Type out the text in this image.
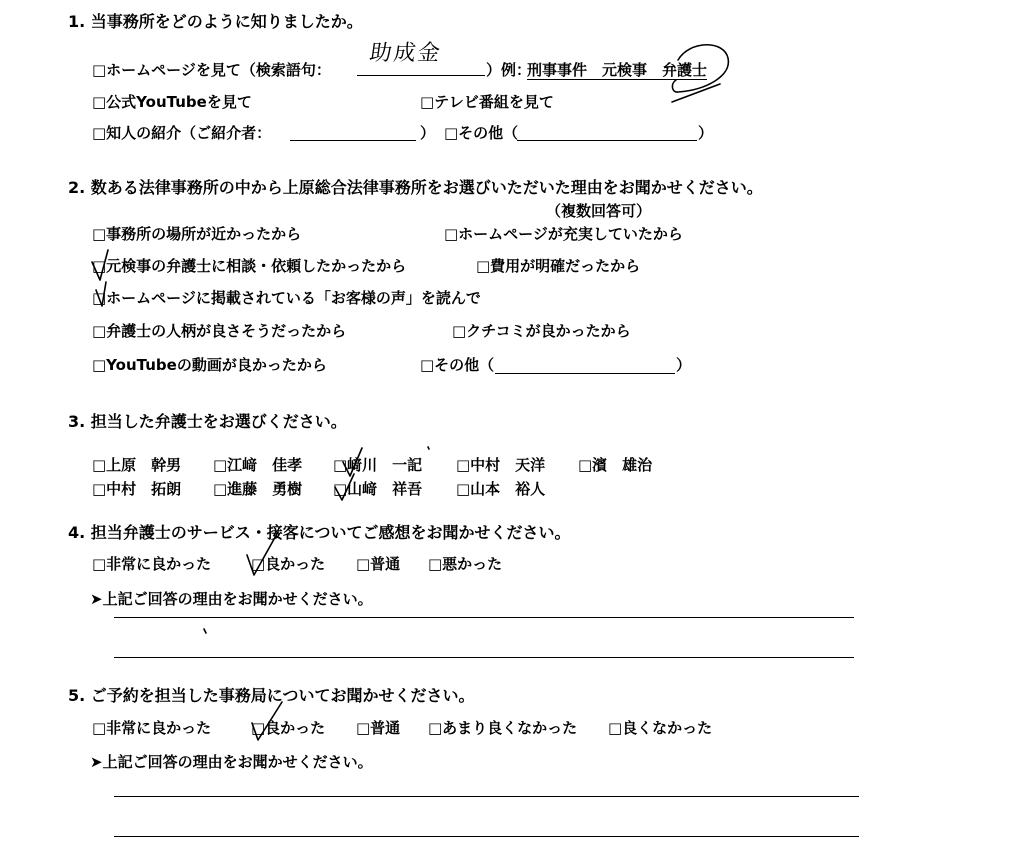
1. 当事務所をどのように知りましたか。
□ホームページを見て（検索語句：
助成金
）例：
刑事事件　元検事　弁護士
□公式YouTubeを見て	□テレビ番組を見て
□知人の紹介（ご紹介者：	） □その他（	）
2. 数ある法律事務所の中から上原総合法律事務所をお選びいただいた理由をお聞かせください。
（複数回答可）
□事務所の場所が近かったから	□ホームページが充実していたから
□元検事の弁護士に相談・依頼したかったから	□費用が明確だったから
□ホームページに掲載されている「お客様の声」を読んで
□弁護士の人柄が良さそうだったから	□クチコミが良かったから
□YouTubeの動画が良かったから	□その他（	）
3. 担当した弁護士をお選びください。
□上原　幹男 □江﨑　佳孝 □﨑川　一記 □中村　天洋 □濱　雄治
□中村　拓朗 □進藤　勇樹 □山﨑　祥吾 □山本　裕人
4. 担当弁護士のサービス・接客についてご感想をお聞かせください。
□非常に良かった	□良かった □普通 □悪かった
➤上記ご回答の理由をお聞かせください。
5. ご予約を担当した事務局についてお聞かせください。
□非常に良かった	□良かった □普通 □あまり良くなかった □良くなかった
➤上記ご回答の理由をお聞かせください。
